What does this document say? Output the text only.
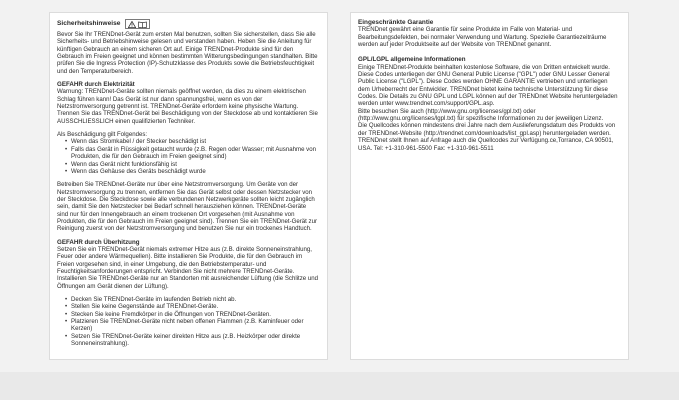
Sicherheitshinweise

Bevor Sie Ihr TRENDnet-Gerät zum ersten Mal benutzen, sollten Sie sicherstellen, dass Sie alle Sicherheits- und Betriebshinweise gelesen und verstanden haben. Heben Sie die Anleitung für künftigen Gebrauch an einem sicheren Ort auf. Einige TRENDnet-Produkte sind für den Gebrauch im Freien geeignet und können bestimmten Witterungsbedingungen standhalten. Bitte prüfen Sie die Ingress Protection (IP)-Schutzklasse des Produkts sowie die Betriebsfeuchtigkeit und den Temperaturbereich.

GEFAHR durch Elektrizität

Warnung: TRENDnet-Geräte sollten niemals geöffnet werden, da dies zu einem elektrischen Schlag führen kann! Das Gerät ist nur dann spannungsfrei, wenn es von der Netzstromversorgung getrennt ist. TRENDnet-Geräte erfordern keine physische Wartung. Trennen Sie das TRENDnet-Gerät bei Beschädigung von der Steckdose ab und kontaktieren Sie AUSSCHLIESSLICH einen qualifizierten Techniker.

Als Beschädigung gilt Folgendes:

• Wenn das Stromkabel / der Stecker beschädigt ist
• Falls das Gerät in Flüssigkeit getaucht wurde (z.B. Regen oder Wasser; mit Ausnahme von Produkten, die für den Gebrauch im Freien geeignet sind)
• Wenn das Gerät nicht funktionsfähig ist
• Wenn das Gehäuse des Geräts beschädigt wurde

Betreiben Sie TRENDnet-Geräte nur über eine Netzstromversorgung. Um Geräte von der Netzstromversorgung zu trennen, entfernen Sie das Gerät selbst oder dessen Netzstecker von der Steckdose. Die Steckdose sowie alle verbundenen Netzwerkgeräte sollten leicht zugänglich sein, damit Sie den Netzstecker bei Bedarf schnell herausziehen können. TRENDnet-Geräte sind nur für den Innengebrauch an einem trockenen Ort vorgesehen (mit Ausnahme von Produkten, die für den Gebrauch im Freien geeignet sind). Trennen Sie ein TRENDnet-Gerät zur Reinigung zuerst von der Netzstromversorgung und benutzen Sie nur ein trockenes Handtuch.

GEFAHR durch Überhitzung

Setzen Sie ein TRENDnet-Gerät niemals extremer Hitze aus (z.B. direkte Sonneneinstrahlung, Feuer oder andere Wärmequellen). Bitte installieren Sie Produkte, die für den Gebrauch im Freien vorgesehen sind, in einer Umgebung, die den Betriebstemperatur- und Feuchtigkeitsanforderungen entspricht. Verbinden Sie nicht mehrere TRENDnet-Geräte. Installieren Sie TRENDnet-Geräte nur an Standorten mit ausreichender Lüftung (die Schlitze und Öffnungen am Gerät dienen der Lüftung).

• Decken Sie TRENDnet-Geräte im laufenden Betrieb nicht ab.
• Stellen Sie keine Gegenstände auf TRENDnet-Geräte.
• Stecken Sie keine Fremdkörper in die Öffnungen von TRENDnet-Geräten.
• Platzieren Sie TRENDnet-Geräte nicht neben offenen Flammen (z.B. Kaminfeuer oder Kerzen)
• Setzen Sie TRENDnet-Geräte keiner direkten Hitze aus (z.B. Heizkörper oder direkte Sonneneinstrahlung).
Eingeschränkte Garantie

TRENDnet gewährt eine Garantie für seine Produkte im Falle von Material- und Bearbeitungsdefekten, bei normaler Verwendung und Wartung. Spezielle Garantiezeiträume werden auf jeder Produktseite auf der Website von TRENDnet genannt.

GPL/LGPL allgemeine Informationen

Einige TRENDnet-Produkte beinhalten kostenlose Software, die von Dritten entwickelt wurde. Diese Codes unterliegen der GNU General Public License ("GPL") oder GNU Lesser General Public License ("LGPL"). Diese Codes werden OHNE GARANTIE vertrieben und unterliegen dem Urheberrecht der Entwickler. TRENDnet bietet keine technische Unterstützung für diese Codes. Die Details zu GNU GPL und LGPL können auf der TRENDnet Website heruntergeladen werden unter www.trendnet.com/support/GPL.asp.

Bitte besuchen Sie auch (http://www.gnu.org/licenses/gpl.txt) oder (http://www.gnu.org/licenses/lgpl.txt) für spezifische Informationen zu der jeweiligen Lizenz.

Die Quellcodes können mindestens drei Jahre nach dem Auslieferungsdatum des Produkts von der TRENDnet-Website (http://trendnet.com/downloads/list_gpl.asp) heruntergeladen werden.

TRENDnet stellt Ihnen auf Anfrage auch die Quellcodes zur Verfügung.ce,Torrance, CA 90501, USA. Tel: +1-310-961-5500 Fax: +1-310-961-5511
